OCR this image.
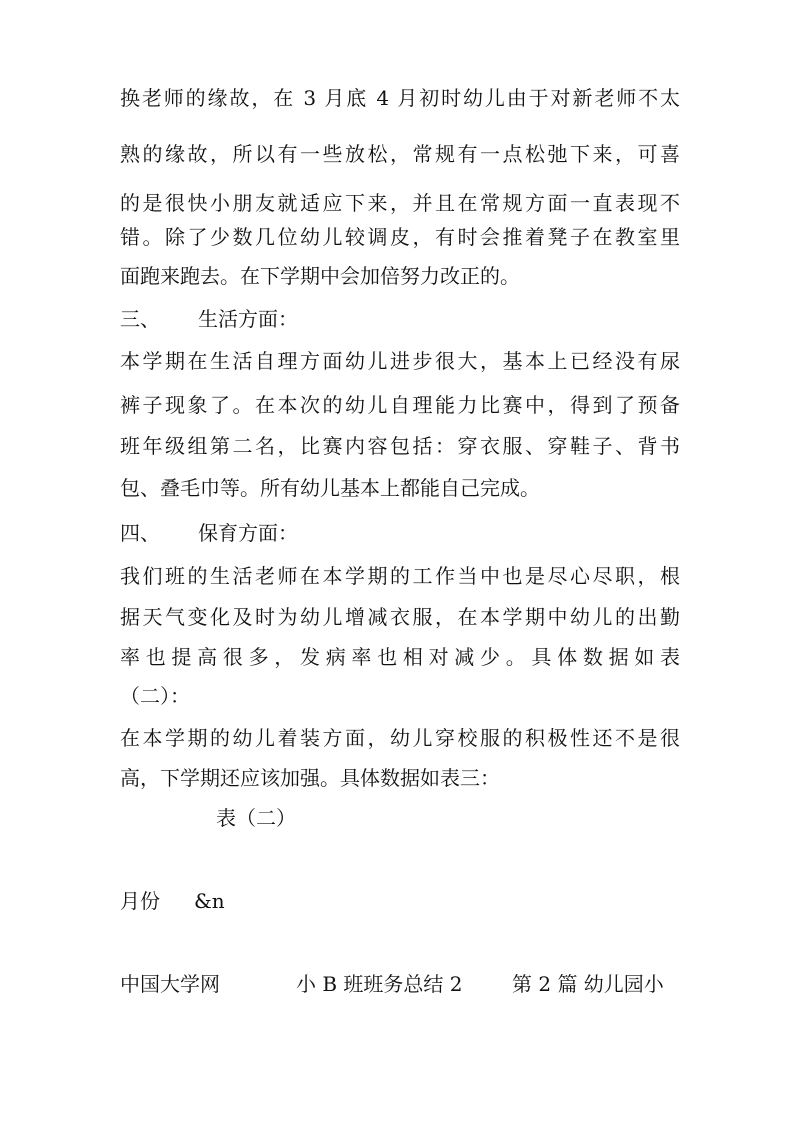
换老师的缘故，在 3 月底 4 月初时幼儿由于对新老师不太
熟的缘故，所以有一些放松，常规有一点松弛下来，可喜
的是很快小朋友就适应下来，并且在常规方面一直表现不
错。除了少数几位幼儿较调皮，有时会推着凳子在教室里
面跑来跑去。在下学期中会加倍努力改正的。
三、 生活方面：
本学期在生活自理方面幼儿进步很大，基本上已经没有尿
裤子现象了。在本次的幼儿自理能力比赛中，得到了预备
班年级组第二名，比赛内容包括：穿衣服、穿鞋子、背书
包、叠毛巾等。所有幼儿基本上都能自己完成。
四、 保育方面：
我们班的生活老师在本学期的工作当中也是尽心尽职，根
据天气变化及时为幼儿增减衣服，在本学期中幼儿的出勤
率也提高很多，发病率也相对减少。具体数据如表
（二）：
在本学期的幼儿着装方面，幼儿穿校服的积极性还不是很
高，下学期还应该加强。具体数据如表三：
表（二）
月份 &n
中国大学网	小 B 班班务总结 2 第 2 篇 幼儿园小
